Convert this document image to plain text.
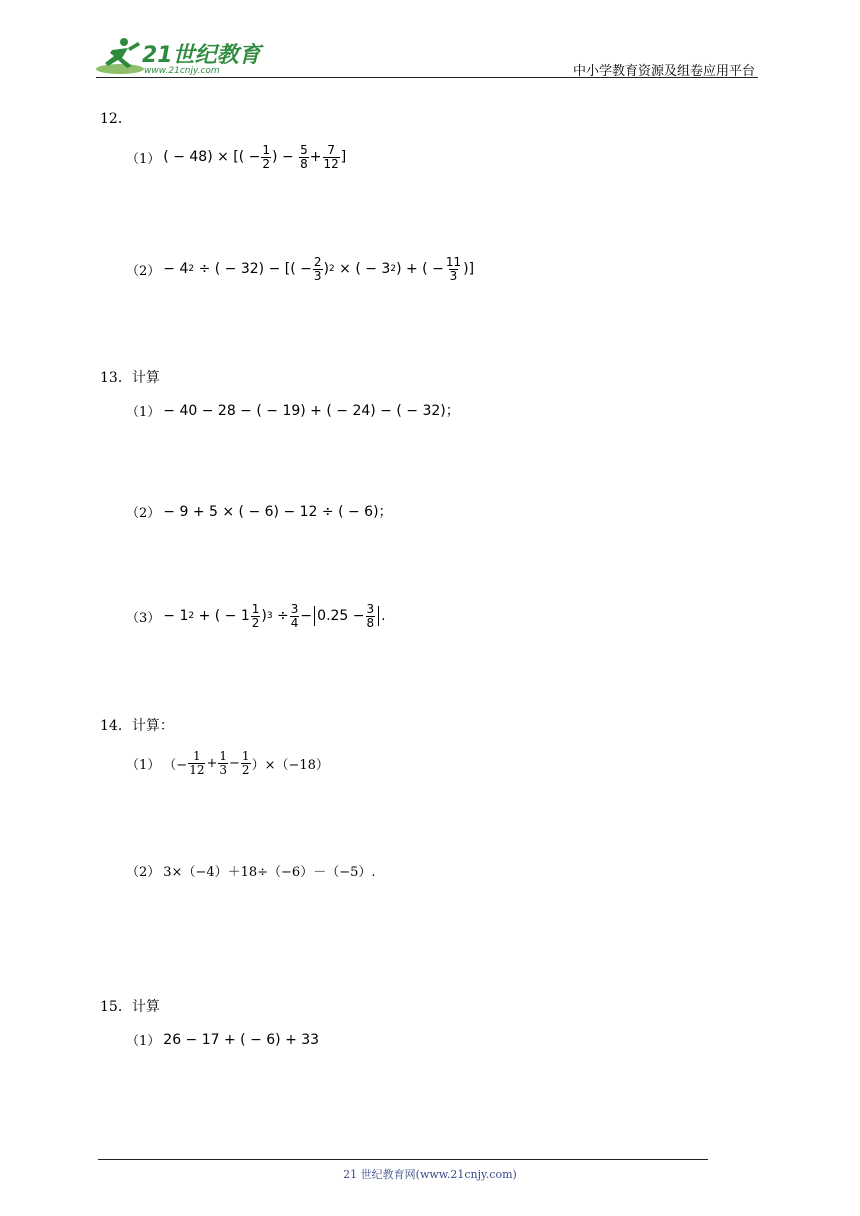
21世纪教育
www.21cnjy.com	中小学教育资源及组卷应用平台
12．
（1） ( − 48) × [( − $\frac{1}{2}$ ) −
$\frac{5}{8} + \frac{7}{12}$ ]
（2） − 4 2
÷ ( − 32) − [( − $\frac{2}{3}$ ) 2
× ( − 3 2 ) + ( − $\frac{11}{3}$ )]
13．计算
（1） − 40 − 28 − ( − 19) + ( − 24) − ( − 32)；
（2） − 9 + 5 × ( − 6) − 12 ÷ ( − 6)；
（3） − 1 2
+ ( − $1 \frac{1}{2}$ ) 3
÷ $\frac{3}{4} - 0.25 - \frac{3}{8}$ .
14．计算：
（1） （− $\frac{1}{12} + \frac{1}{3} - \frac{1}{2} )\times(-18)$
（2） 3×（−4）＋18÷（−6）－（−5）.
15．计算
（1） 26 − 17 + ( − 6) + 33
21 世纪教育网(www.21cnjy.com)
